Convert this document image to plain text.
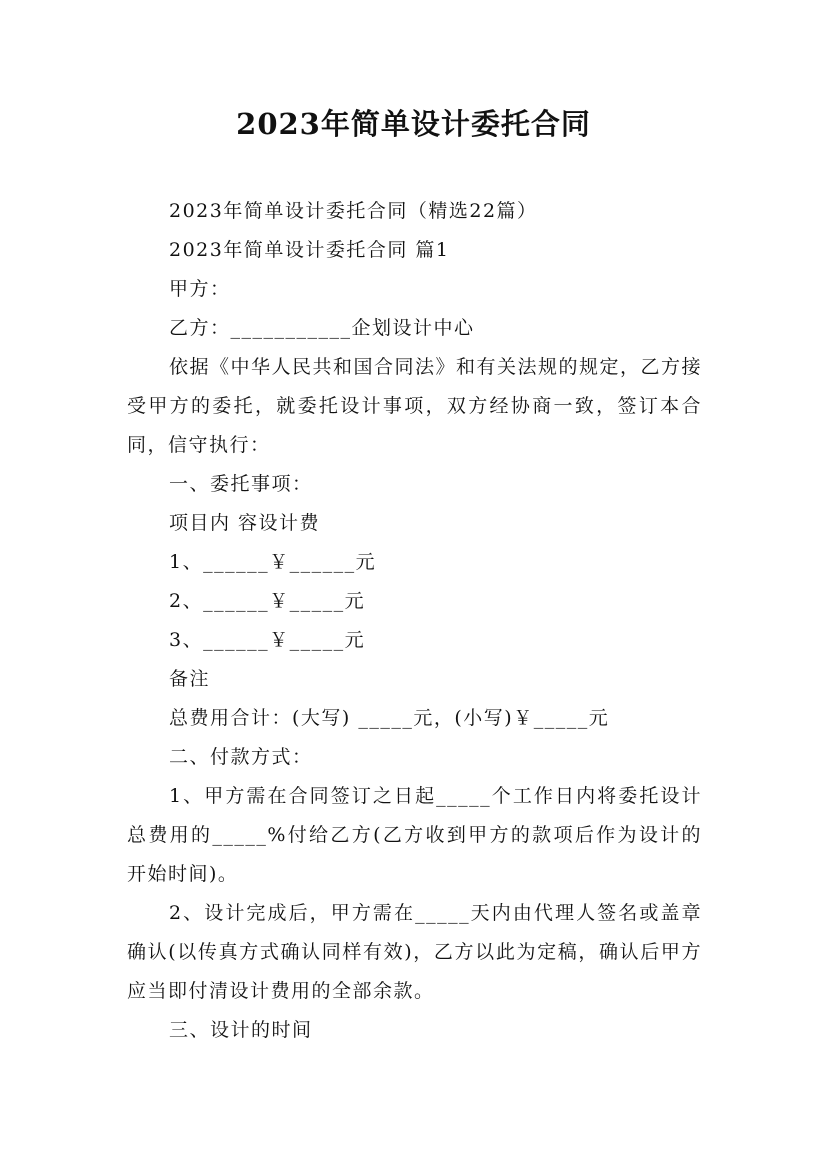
2023年简单设计委托合同

2023年简单设计委托合同（精选22篇）

2023年简单设计委托合同 篇1

甲方：

乙方：___________企划设计中心

依据《中华人民共和国合同法》和有关法规的规定，乙方接受甲方的委托，就委托设计事项，双方经协商一致，签订本合同，信守执行：

一、委托事项：

项目内 容设计费

1、______￥______元

2、______￥_____元

3、______￥_____元

备注

总费用合计：(大写) _____元，(小写)￥_____元

二、付款方式：

1、甲方需在合同签订之日起_____个工作日内将委托设计总费用的_____%付给乙方(乙方收到甲方的款项后作为设计的开始时间)。

2、设计完成后，甲方需在_____天内由代理人签名或盖章确认(以传真方式确认同样有效)，乙方以此为定稿，确认后甲方应当即付清设计费用的全部余款。

三、设计的时间
